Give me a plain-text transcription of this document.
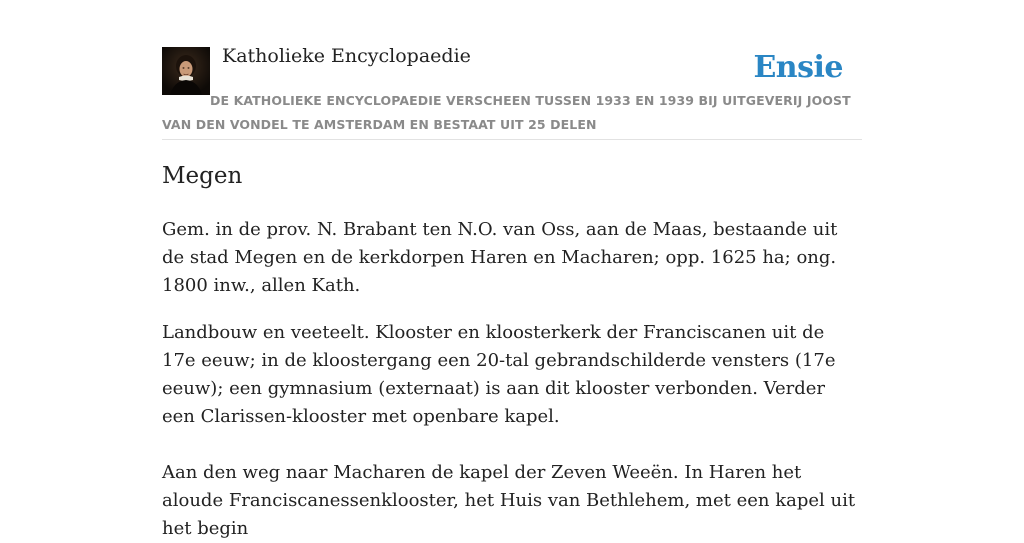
Katholieke Encyclopaedie	Ensie
DE KATHOLIEKE ENCYCLOPAEDIE VERSCHEEN TUSSEN 1933 EN 1939 BIJ UITGEVERIJ JOOST VAN DEN VONDEL TE AMSTERDAM EN BESTAAT UIT 25 DELEN
Megen

Gem. in de prov. N. Brabant ten N.O. van Oss, aan de Maas, bestaande uit de stad Megen en de kerkdorpen Haren en Macharen; opp. 1625 ha; ong. 1800 inw., allen Kath.

Landbouw en veeteelt. Klooster en kloosterkerk der Franciscanen uit de 17e eeuw; in de kloostergang een 20-tal gebrandschilderde vensters (17e eeuw); een gymnasium (externaat) is aan dit klooster verbonden. Verder een Clarissen-klooster met openbare kapel.

Aan den weg naar Macharen de kapel der Zeven Weeën. In Haren het aloude Franciscanessenklooster, het Huis van Bethlehem, met een kapel uit het begin
